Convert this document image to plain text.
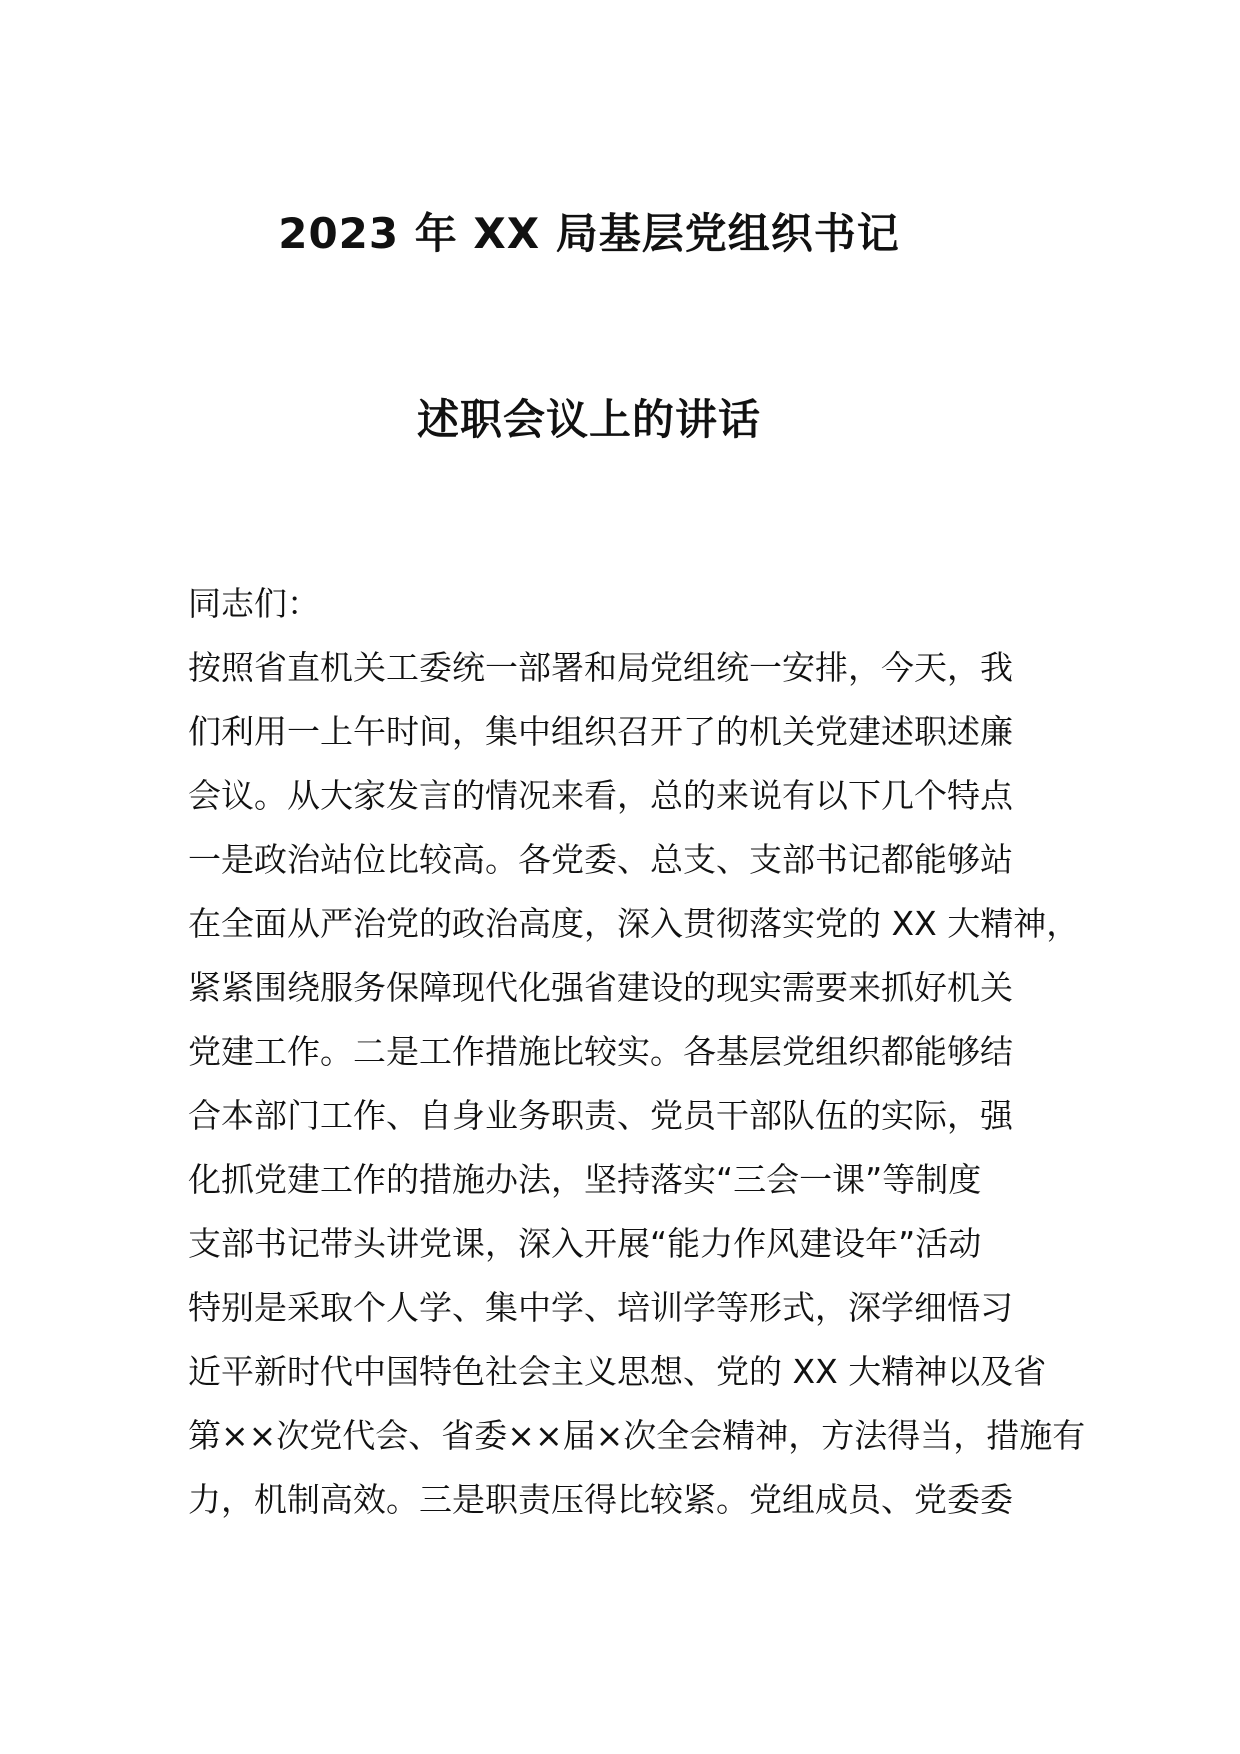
2023 年 XX 局基层党组织书记
述职会议上的讲话
同志们：
按照省直机关工委统一部署和局党组统一安排，今天，我
们利用一上午时间，集中组织召开了的机关党建述职述廉
会议。从大家发言的情况来看，总的来说有以下几个特点
一是政治站位比较高。各党委、总支、支部书记都能够站
在全面从严治党的政治高度，深入贯彻落实党的 XX 大精神，
紧紧围绕服务保障现代化强省建设的现实需要来抓好机关
党建工作。二是工作措施比较实。各基层党组织都能够结
合本部门工作、自身业务职责、党员干部队伍的实际，强
化抓党建工作的措施办法，坚持落实“三会一课”等制度
支部书记带头讲党课，深入开展“能力作风建设年”活动
特别是采取个人学、集中学、培训学等形式，深学细悟习
近平新时代中国特色社会主义思想、党的 XX 大精神以及省
第××次党代会、省委××届×次全会精神，方法得当，措施有
力，机制高效。三是职责压得比较紧。党组成员、党委委
